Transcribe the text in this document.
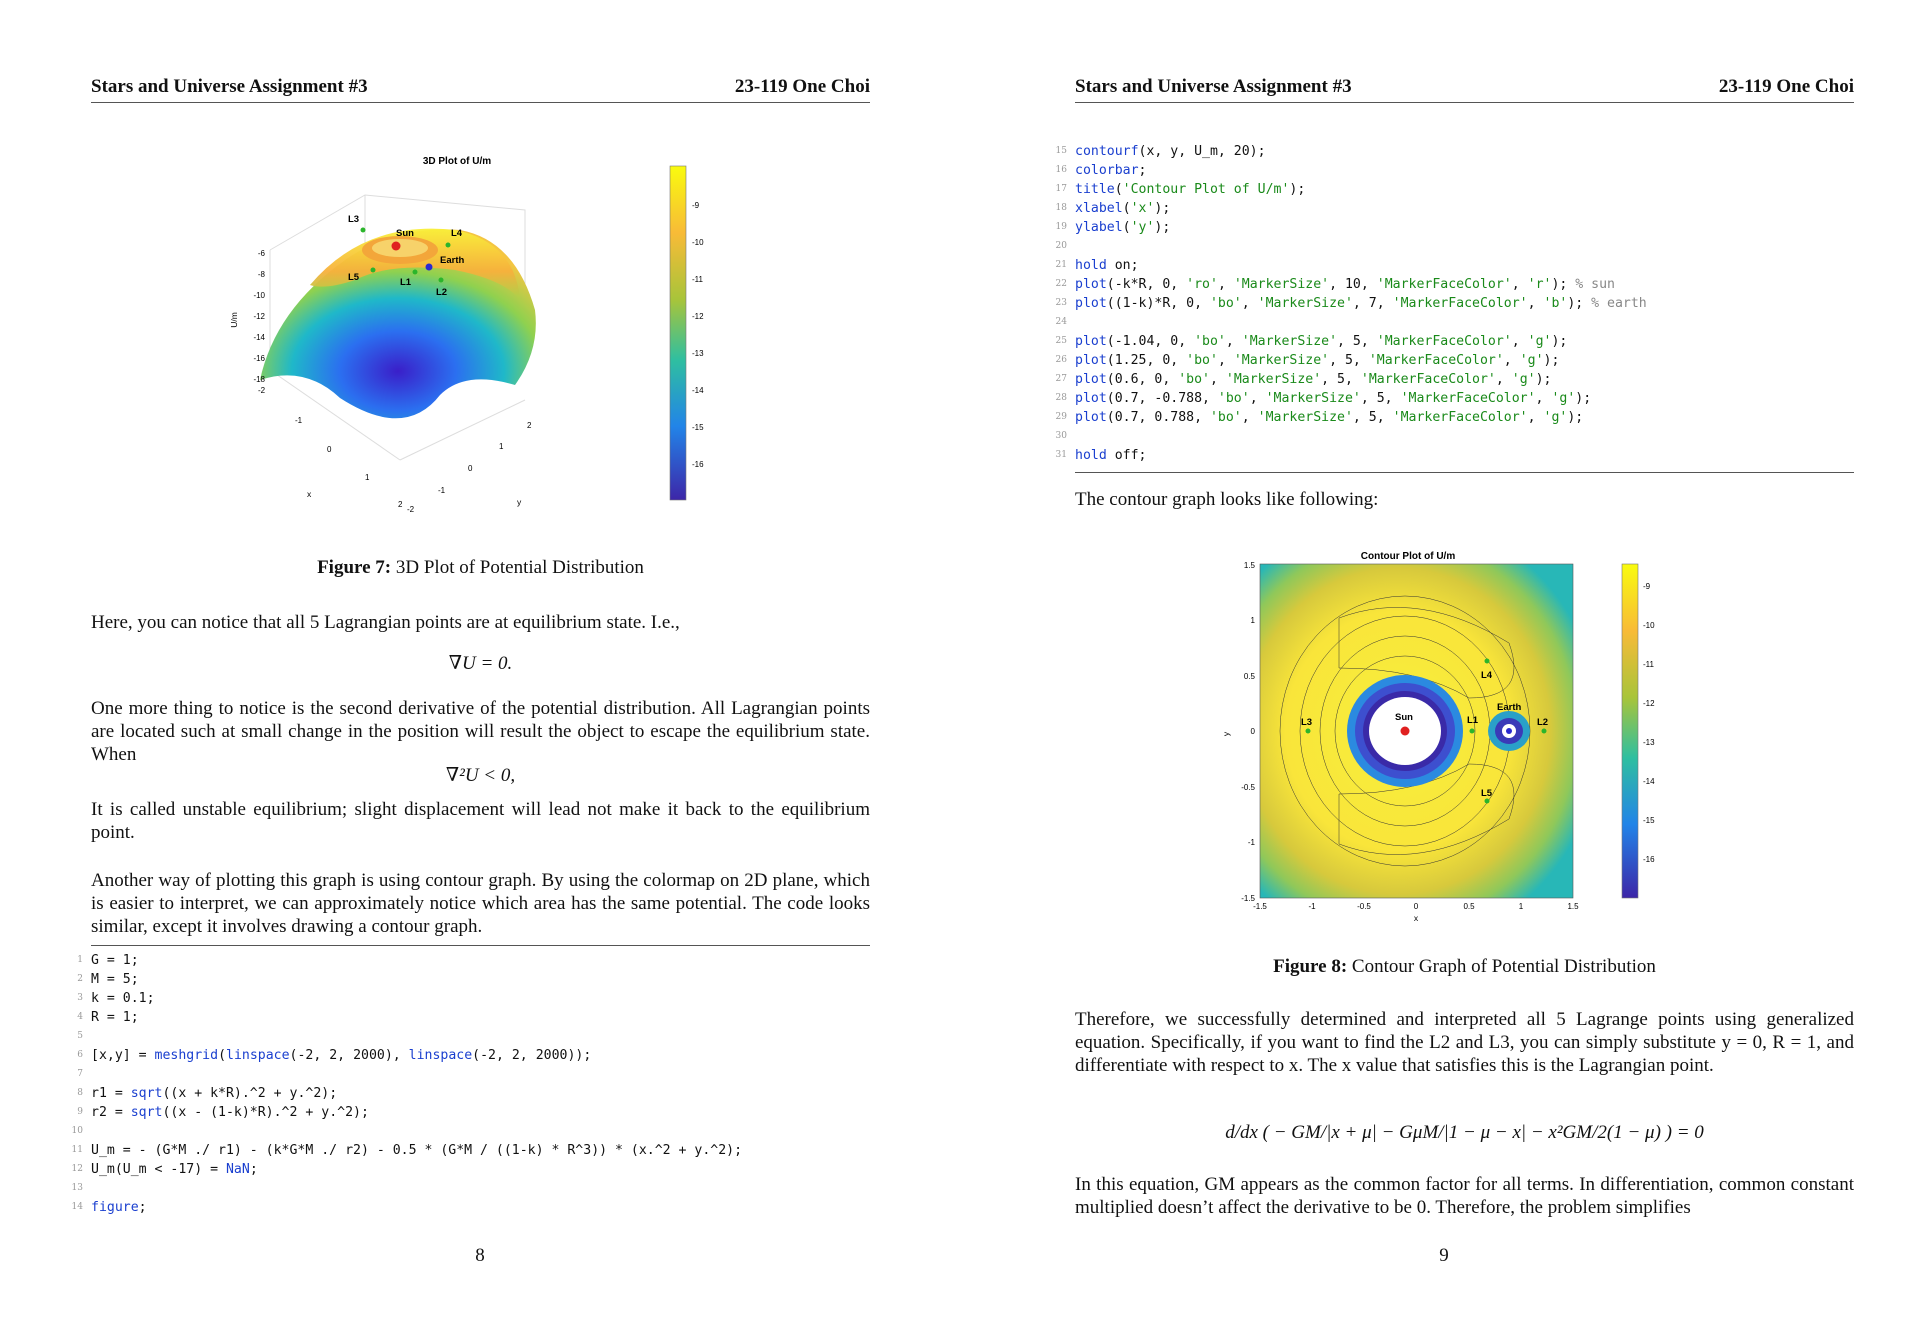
Stars and Universe Assignment #3	23-119 One Choi
3D Plot of U/m
L3
Sun	L4
Earth
L5	L1
L2
-6
-8
-10
-12
-14
-16
-18
U/m
-2
-1
0
1
2
x
-2
-1
0
1
2
y
-9
-10
-11
-12
-13
-14
-15
-16
Figure 7: 3D Plot of Potential Distribution
Here, you can notice that all 5 Lagrangian points are at equilibrium state. I.e.,
∇U = 0.
One more thing to notice is the second derivative of the potential distribution. All Lagrangian points are located such at small change in the position will result the object to escape the equilibrium state. When
∇²U < 0,
It is called unstable equilibrium; slight displacement will lead not make it back to the equilibrium point.
Another way of plotting this graph is using contour graph. By using the colormap on 2D plane, which is easier to interpret, we can approximately notice which area has the same potential. The code looks similar, except it involves drawing a contour graph.
1 G = 1;
2 M = 5;
3 k = 0.1;
4 R = 1;
5
6 [x,y] = meshgrid(linspace(-2, 2, 2000), linspace(-2, 2, 2000));
7
8 r1 = sqrt((x + k*R).^2 + y.^2);
9 r2 = sqrt((x - (1-k)*R).^2 + y.^2);
10
11 U_m = - (G*M ./ r1) - (k*G*M ./ r2) - 0.5 * (G*M / ((1-k) * R^3)) * (x.^2 + y.^2);
12 U_m(U_m < -17) = NaN;
13
14 figure;
8
Stars and Universe Assignment #3	23-119 One Choi
15 contourf(x, y, U_m, 20);
16 colorbar;
17 title('Contour Plot of U/m');
18 xlabel('x');
19 ylabel('y');
20
21 hold on;
22 plot(-k*R, 0, 'ro', 'MarkerSize', 10, 'MarkerFaceColor', 'r'); % sun
23 plot((1-k)*R, 0, 'bo', 'MarkerSize', 7, 'MarkerFaceColor', 'b'); % earth
24
25 plot(-1.04, 0, 'bo', 'MarkerSize', 5, 'MarkerFaceColor', 'g');
26 plot(1.25, 0, 'bo', 'MarkerSize', 5, 'MarkerFaceColor', 'g');
27 plot(0.6, 0, 'bo', 'MarkerSize', 5, 'MarkerFaceColor', 'g');
28 plot(0.7, -0.788, 'bo', 'MarkerSize', 5, 'MarkerFaceColor', 'g');
29 plot(0.7, 0.788, 'bo', 'MarkerSize', 5, 'MarkerFaceColor', 'g');
30
31 hold off;
The contour graph looks like following:
Contour Plot of U/m
L4
Earth
L3	Sun	L1	L2
L5
1.5
1
0.5
0
-0.5
-1
-1.5
y
-1.5	-1	-0.5	0	0.5	1	1.5
x
-9
-10
-11
-12
-13
-14
-15
-16
Figure 8: Contour Graph of Potential Distribution
Therefore, we successfully determined and interpreted all 5 Lagrange points using generalized equation. Specifically, if you want to find the L2 and L3, you can simply substitute y = 0, R = 1, and differentiate with respect to x. The x value that satisfies this is the Lagrangian point.
d/dx ( − GM/|x + μ| − GμM/|1 − μ − x| − x²GM/2(1 − μ) ) = 0
In this equation, GM appears as the common factor for all terms. In differentiation, common constant multiplied doesn’t affect the derivative to be 0. Therefore, the problem simplifies
9
